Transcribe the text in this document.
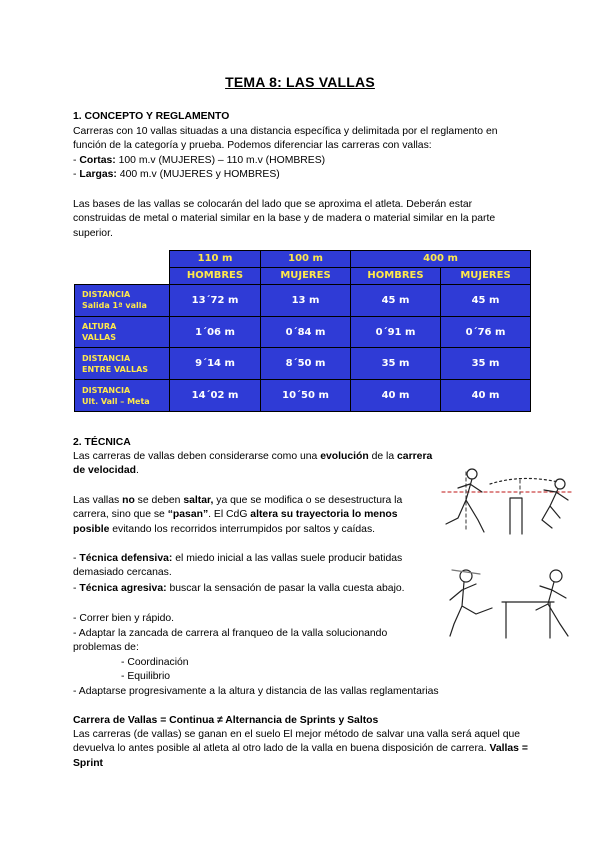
TEMA 8: LAS VALLAS

1. CONCEPTO Y REGLAMENTO

Carreras con 10 vallas situadas a una distancia específica y delimitada por el reglamento en función de la categoría y prueba. Podemos diferenciar las carreras con vallas:

- Cortas: 100 m.v (MUJERES) – 110 m.v (HOMBRES)

- Largas: 400 m.v (MUJERES y HOMBRES)

Las bases de las vallas se colocarán del lado que se aproxima el atleta. Deberán estar construidas de metal o material similar en la base y de madera o material similar en la parte superior.

	110 m	100 m	400 m	
	HOMBRES	MUJERES	HOMBRES	MUJERES
DISTANCIA
Salida 1ª valla	13´72 m	13 m	45 m	45 m
ALTURA
VALLAS	1´06 m	0´84 m	0´91 m	0´76 m
DISTANCIA
ENTRE VALLAS	9´14 m	8´50 m	35 m	35 m
DISTANCIA
Ult. Vall – Meta	14´02 m	10´50 m	40 m	40 m

2. TÉCNICA

Las carreras de vallas deben considerarse como una evolución de la carrera de velocidad.

Las vallas no se deben saltar, ya que se modifica o se desestructura la carrera, sino que se “pasan”. El CdG altera su trayectoria lo menos posible evitando los recorridos interrumpidos por saltos y caídas.

- Técnica defensiva: el miedo inicial a las vallas suele producir batidas demasiado cercanas.

- Técnica agresiva: buscar la sensación de pasar la valla cuesta abajo.

- Correr bien y rápido.

- Adaptar la zancada de carrera al franqueo de la valla solucionando problemas de:

- Coordinación

- Equilibrio

- Adaptarse progresivamente a la altura y distancia de las vallas reglamentarias

Carrera de Vallas = Continua ≠ Alternancia de Sprints y Saltos

Las carreras (de vallas) se ganan en el suelo El mejor método de salvar una valla será aquel que devuelva lo antes posible al atleta al otro lado de la valla en buena disposición de carrera. Vallas = Sprint
